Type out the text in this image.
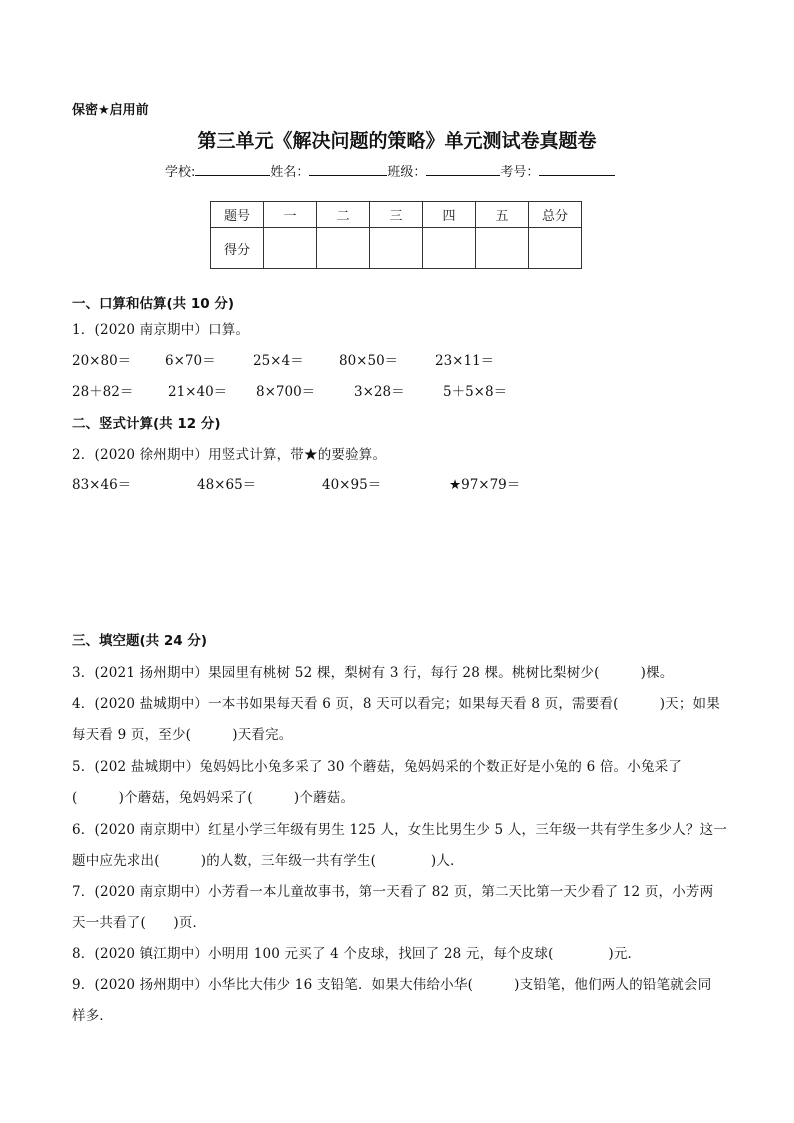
保密★启用前
第三单元《解决问题的策略》单元测试卷真题卷
学校:	姓名：	班级：	考号：
题号	一	二	三	四	五	总分
得分						
一、口算和估算(共 10 分)
1．(2020 南京期中）口算。
20×80＝	6×70＝	25×4＝	80×50＝	23×11＝
28＋82＝	21×40＝ 8×700＝	3×28＝	5＋5×8＝
二、竖式计算(共 12 分)
2．(2020 徐州期中）用竖式计算，带★的要验算。
83×46＝	48×65＝	40×95＝	★97×79＝
三、填空题(共 24 分)
3．(2021 扬州期中）果园里有桃树 52 棵，梨树有 3 行，每行 28 棵。桃树比梨树少(　　　)棵。
4．(2020 盐城期中）一本书如果每天看 6 页，8 天可以看完；如果每天看 8 页，需要看(　　　)天；如果
每天看 9 页，至少(　　　)天看完。
5．(202 盐城期中）兔妈妈比小兔多采了 30 个蘑菇，兔妈妈采的个数正好是小兔的 6 倍。小兔采了
(　　　)个蘑菇，兔妈妈采了(　　　)个蘑菇。
6．(2020 南京期中）红星小学三年级有男生 125 人，女生比男生少 5 人，三年级一共有学生多少人？这一
题中应先求出(　　　)的人数，三年级一共有学生(　　　　)人．
7．(2020 南京期中）小芳看一本儿童故事书，第一天看了 82 页，第二天比第一天少看了 12 页，小芳两
天一共看了(　　)页．
8．(2020 镇江期中）小明用 100 元买了 4 个皮球，找回了 28 元，每个皮球(　　　　)元．
9．(2020 扬州期中）小华比大伟少 16 支铅笔．如果大伟给小华(　　　)支铅笔，他们两人的铅笔就会同
样多．
